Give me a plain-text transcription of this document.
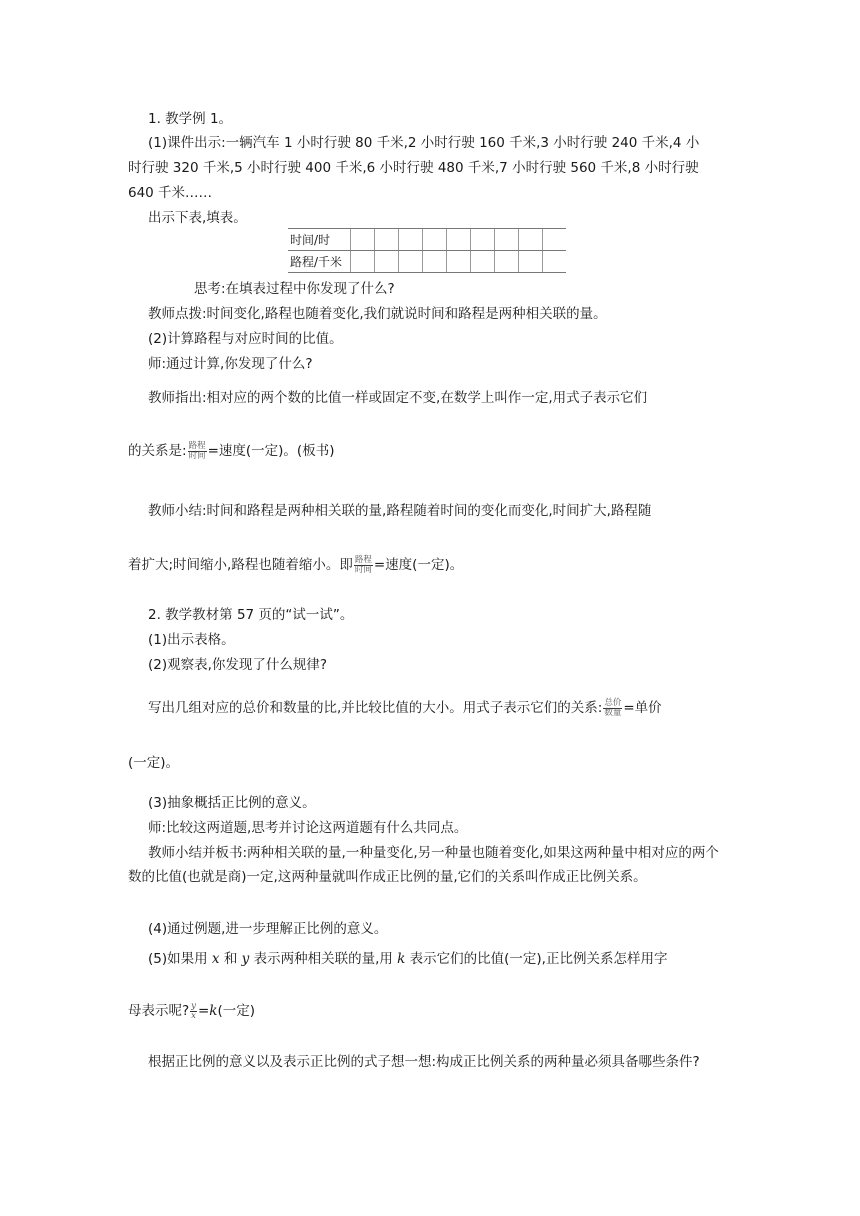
1. 教学例 1。
(1)课件出示:一辆汽车 1 小时行驶 80 千米,2 小时行驶 160 千米,3 小时行驶 240 千米,4 小
时行驶 320 千米,5 小时行驶 400 千米,6 小时行驶 480 千米,7 小时行驶 560 千米,8 小时行驶
640 千米……
出示下表,填表。
时间/时									
路程/千米									
思考:在填表过程中你发现了什么?
教师点拨:时间变化,路程也随着变化,我们就说时间和路程是两种相关联的量。
(2)计算路程与对应时间的比值。
师:通过计算,你发现了什么?
教师指出:相对应的两个数的比值一样或固定不变,在数学上叫作一定,用式子表示它们
的关系是: $\frac{\text{路程}}{\text{时间}}$ =速度(一定)。(板书)
教师小结:时间和路程是两种相关联的量,路程随着时间的变化而变化,时间扩大,路程随
着扩大;时间缩小,路程也随着缩小。即 $\frac{\text{路程}}{\text{时间}}$ =速度(一定)。
2. 教学教材第 57 页的“试一试”。
(1)出示表格。
(2)观察表,你发现了什么规律?
写出几组对应的总价和数量的比,并比较比值的大小。用式子表示它们的关系: $\frac{\text{总价}}{\text{数量}}$ =单价
(一定)。
(3)抽象概括正比例的意义。
师:比较这两道题,思考并讨论这两道题有什么共同点。
教师小结并板书:两种相关联的量,一种量变化,另一种量也随着变化,如果这两种量中相对应的两个数的比值(也就是商)一定,这两种量就叫作成正比例的量,它们的关系叫作成正比例关系。
(4)通过例题,进一步理解正比例的意义。
(5)如果用 x 和 y 表示两种相关联的量,用 k 表示它们的比值(一定),正比例关系怎样用字
母表示呢? $\frac{y}{x} =k$(一定)
根据正比例的意义以及表示正比例的式子想一想:构成正比例关系的两种量必须具备哪些条件?
